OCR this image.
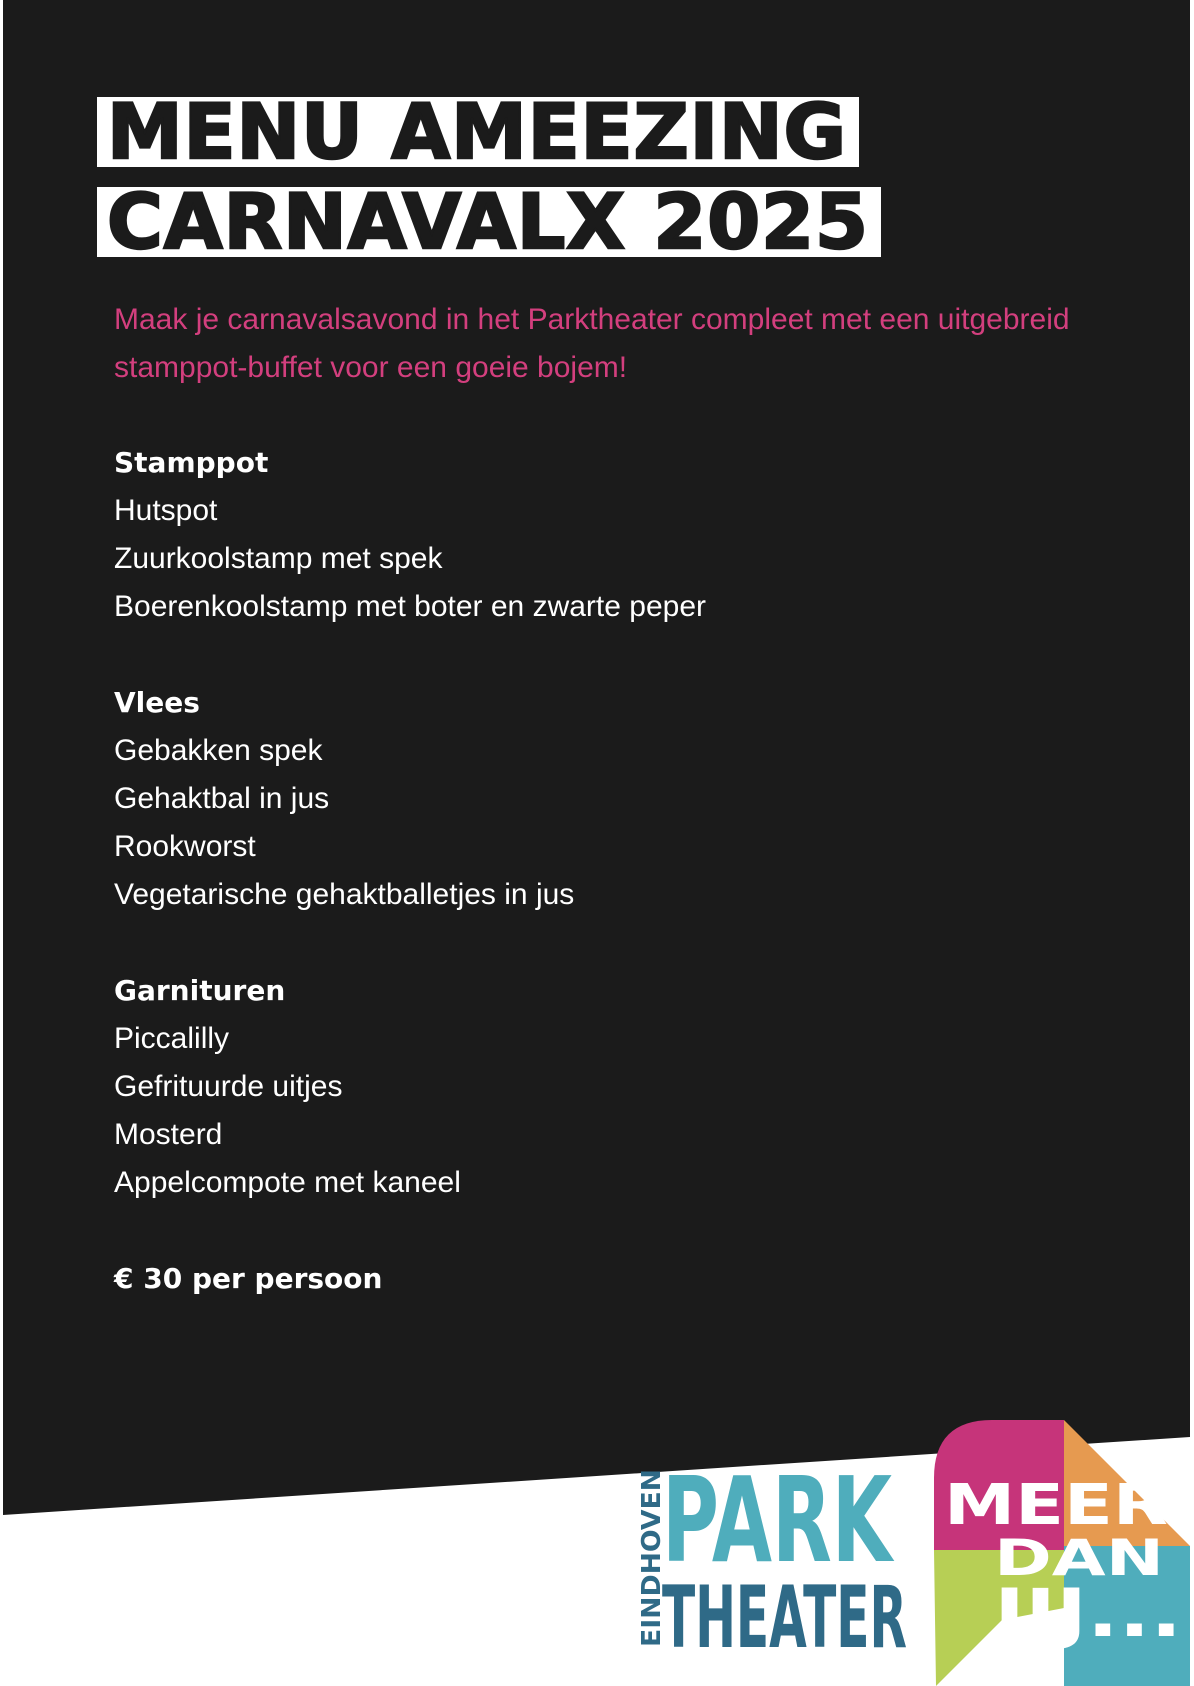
MENU AMEEZING
CARNAVALX 2025
Maak je carnavalsavond in het Parktheater compleet met een uitgebreid stamppot-buffet voor een goeie bojem!
Stamppot
Hutspot
Zuurkoolstamp met spek
Boerenkoolstamp met boter en zwarte peper
Vlees
Gebakken spek
Gehaktbal in jus
Rookworst
Vegetarische gehaktballetjes in jus
Garnituren
Piccalilly
Gefrituurde uitjes
Mosterd
Appelcompote met kaneel
€ 30 per persoon
EINDHOVEN
PARK
THEATER
MEER
DAN
JIJ...
